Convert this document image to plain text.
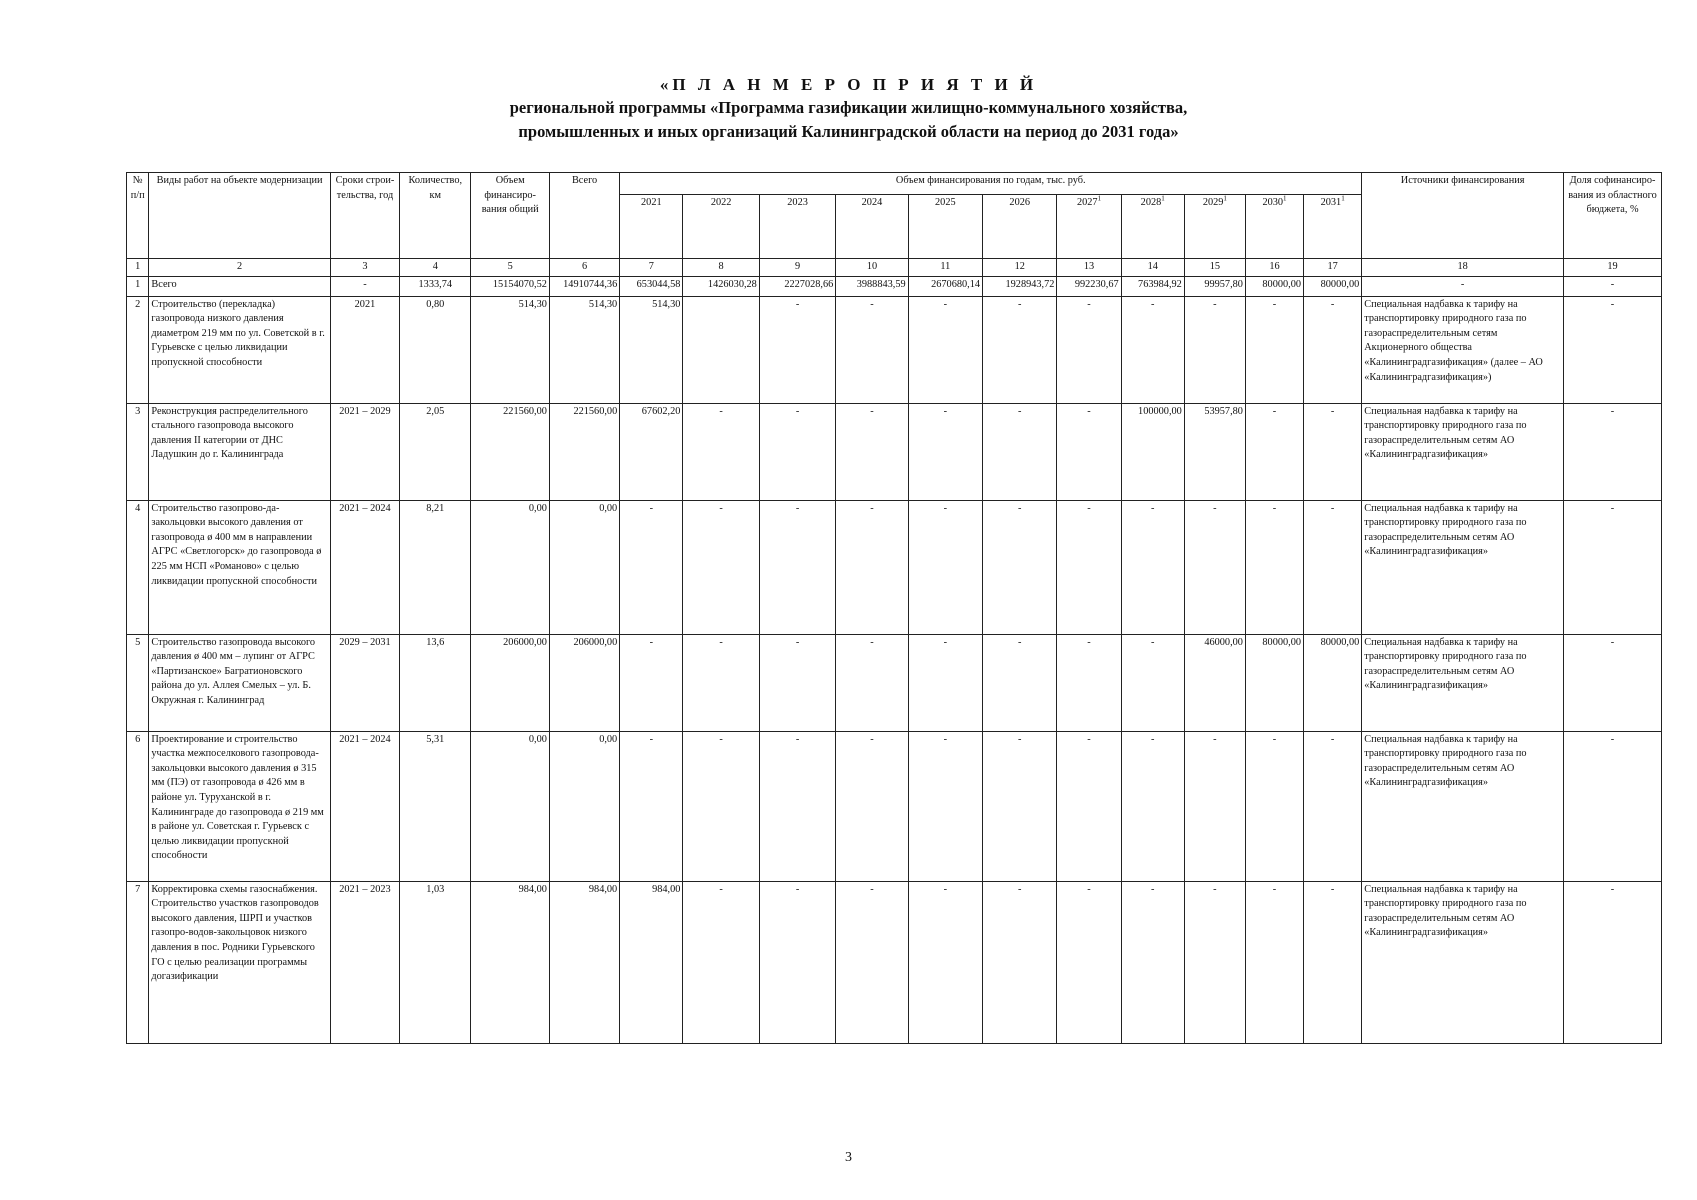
«П Л А Н М Е Р О П Р И Я Т И Й
региональной программы «Программа газификации жилищно-коммунального хозяйства,
промышленных и иных организаций Калининградской области на период до 2031 года»
№ п/п	Виды работ на объекте модернизации	Сроки строи-тельства, год	Количество, км	Объем финансиро-вания общий	Всего	Объем финансирования по годам, тыс. руб.											Источники финансирования	Доля софинансиро-вания из областного бюджета, %
						2021	2022	2023	2024	2025	2026	2027$^1$	2028$^1$	2029$^1$	2030$^1$	2031$^1$
1	2	3	4	5	6	7	8	9	10	11	12	13	14	15	16	17	18	19
1	Всего	-	1333,74	15154070,52	14910744,36	653044,58	1426030,28	2227028,66	3988843,59	2670680,14	1928943,72	992230,67	763984,92	99957,80	80000,00	80000,00	-	-
2	Строительство (перекладка) газопровода низкого давления диаметром 219 мм по ул. Советской в г. Гурьевске с целью ликвидации пропускной способности	2021	0,80	514,30	514,30	514,30		-	-	-	-	-	-	-	-	-	Специальная надбавка к тарифу на транспортировку природного газа по газораспределительным сетям Акционерного общества «Калининградгазификация» (далее – АО «Калининградгазификация»)	-
3	Реконструкция распределительного стального газопровода высокого давления II категории от ДНС Ладушкин до г. Калининграда	2021 – 2029	2,05	221560,00	221560,00	67602,20	-	-	-	-	-	-	100000,00	53957,80	-	-	Специальная надбавка к тарифу на транспортировку природного газа по газораспределительным сетям АО «Калининградгазификация»	-
4	Строительство газопрово-да-закольцовки высокого давления от газопровода ø 400 мм в направлении АГРС «Светлогорск» до газопровода ø 225 мм НСП «Романово» с целью ликвидации пропускной способности	2021 – 2024	8,21	0,00	0,00	-	-	-	-	-	-	-	-	-	-	-	Специальная надбавка к тарифу на транспортировку природного газа по газораспределительным сетям АО «Калининградгазификация»	-
5	Строительство газопровода высокого давления ø 400 мм – лупинг от АГРС «Партизанское» Багратионовского района до ул. Аллея Смелых – ул. Б. Окружная г. Калининград	2029 – 2031	13,6	206000,00	206000,00	-	-	-	-	-	-	-	-	46000,00	80000,00	80000,00	Специальная надбавка к тарифу на транспортировку природного газа по газораспределительным сетям АО «Калининградгазификация»	-
6	Проектирование и строительство участка межпоселкового газопровода-закольцовки высокого давления ø 315 мм (ПЭ) от газопровода ø 426 мм в районе ул. Туруханской в г. Калининграде до газопровода ø 219 мм в районе ул. Советская г. Гурьевск с целью ликвидации пропускной способности	2021 – 2024	5,31	0,00	0,00	-	-	-	-	-	-	-	-	-	-	-	Специальная надбавка к тарифу на транспортировку природного газа по газораспределительным сетям АО «Калининградгазификация»	-
7	Корректировка схемы газоснабжения. Строительство участков газопроводов высокого давления, ШРП и участков газопро-водов-закольцовок низкого давления в пос. Родники Гурьевского ГО с целью реализации программы догазификации	2021 – 2023	1,03	984,00	984,00	984,00	-	-	-	-	-	-	-	-	-	-	Специальная надбавка к тарифу на транспортировку природного газа по газораспределительным сетям АО «Калининградгазификация»	-
3
